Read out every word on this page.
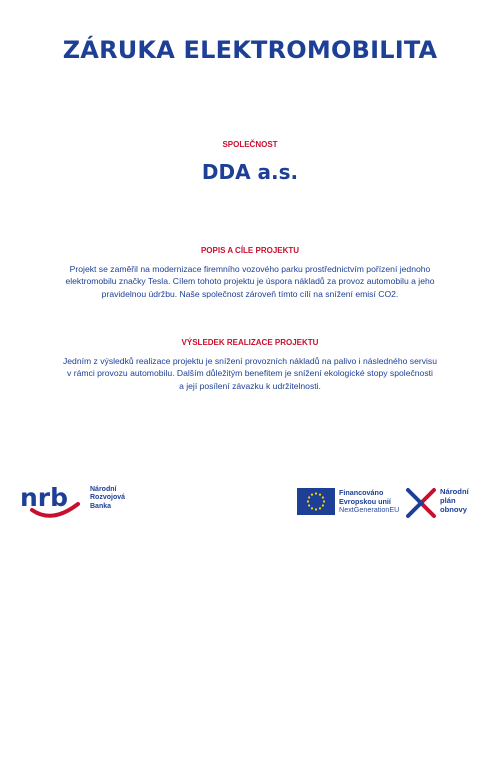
ZÁRUKA ELEKTROMOBILITA
SPOLEČNOST
DDA a.s.
POPIS A CÍLE PROJEKTU
Projekt se zaměřil na modernizace firemního vozového parku prostřednictvím pořízení jednoho
elektromobilu značky Tesla. Cílem tohoto projektu je úspora nákladů za provoz automobilu a jeho
pravidelnou údržbu. Naše společnost zároveň tímto cílí na snížení emisí CO2.
VÝSLEDEK REALIZACE PROJEKTU
Jedním z výsledků realizace projektu je snížení provozních nákladů na palivo i následného servisu
v rámci provozu automobilu. Dalším důležitým benefitem je snížení ekologické stopy společnosti
a její posílení závazku k udržitelnosti.
nrb	Národní
Rozvojová
Banka
Financováno
Evropskou unií
NextGenerationEU
Národní
plán
obnovy
